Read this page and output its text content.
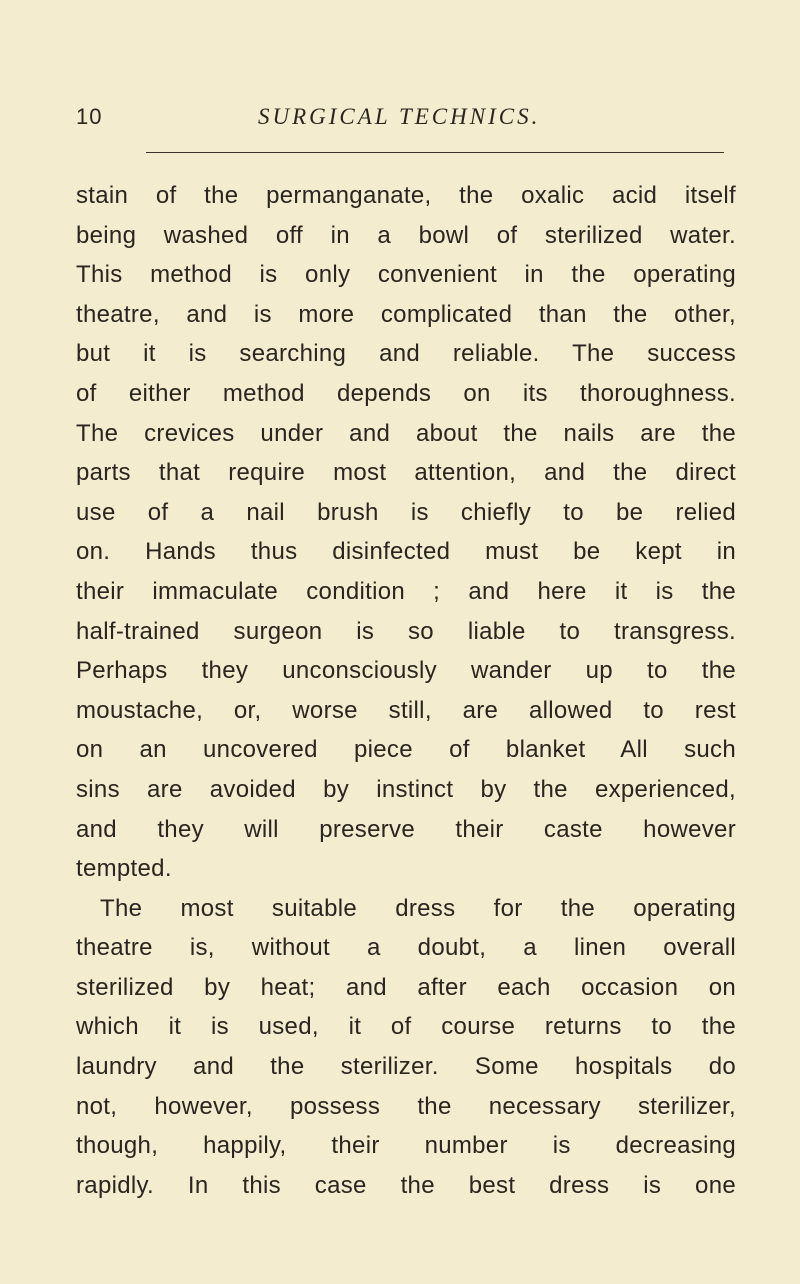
10	SURGICAL TECHNICS.
stain of the permanganate, the oxalic acid itself
being washed off in a bowl of sterilized water.
This method is only convenient in the operating
theatre, and is more complicated than the other,
but it is searching and reliable. The success
of either method depends on its thoroughness.
The crevices under and about the nails are the
parts that require most attention, and the direct
use of a nail brush is chiefly to be relied
on. Hands thus disinfected must be kept in
their immaculate condition ; and here it is the
half-trained surgeon is so liable to transgress.
Perhaps they unconsciously wander up to the
moustache, or, worse still, are allowed to rest
on an uncovered piece of blanket All such
sins are avoided by instinct by the experienced,
and they will preserve their caste however
tempted.
The most suitable dress for the operating
theatre is, without a doubt, a linen overall
sterilized by heat; and after each occasion on
which it is used, it of course returns to the
laundry and the sterilizer. Some hospitals do
not, however, possess the necessary sterilizer,
though, happily, their number is decreasing
rapidly. In this case the best dress is one
